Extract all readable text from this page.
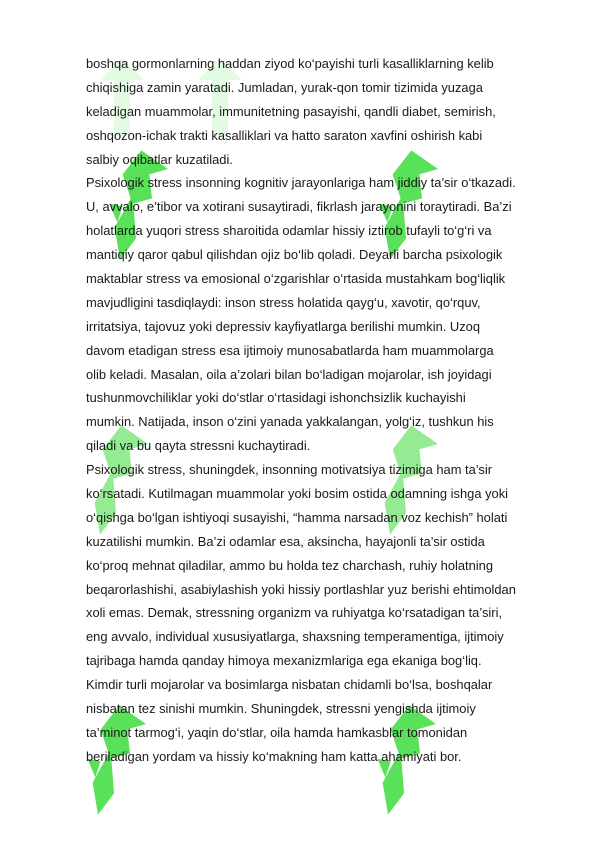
boshqa gormonlarning haddan ziyod ko‘payishi turli kasalliklarning kelib
chiqishiga zamin yaratadi. Jumladan, yurak-qon tomir tizimida yuzaga
keladigan muammolar, immunitetning pasayishi, qandli diabet, semirish,
oshqozon-ichak trakti kasalliklari va hatto saraton xavfini oshirish kabi
salbiy oqibatlar kuzatiladi.
Psixologik stress insonning kognitiv jarayonlariga ham jiddiy ta’sir o‘tkazadi.
U, avvalo, e’tibor va xotirani susaytiradi, fikrlash jarayonini toraytiradi. Ba’zi
holatlarda yuqori stress sharoitida odamlar hissiy iztirob tufayli to‘g‘ri va
mantiqiy qaror qabul qilishdan ojiz bo‘lib qoladi. Deyarli barcha psixologik
maktablar stress va emosional o‘zgarishlar o‘rtasida mustahkam bog‘liqlik
mavjudligini tasdiqlaydi: inson stress holatida qayg‘u, xavotir, qo‘rquv,
irritatsiya, tajovuz yoki depressiv kayfiyatlarga berilishi mumkin. Uzoq
davom etadigan stress esa ijtimoiy munosabatlarda ham muammolarga
olib keladi. Masalan, oila a’zolari bilan bo‘ladigan mojarolar, ish joyidagi
tushunmovchiliklar yoki do‘stlar o‘rtasidagi ishonchsizlik kuchayishi
mumkin. Natijada, inson o‘zini yanada yakkalangan, yolg‘iz, tushkun his
qiladi va bu qayta stressni kuchaytiradi.
Psixologik stress, shuningdek, insonning motivatsiya tizimiga ham ta’sir
ko‘rsatadi. Kutilmagan muammolar yoki bosim ostida odamning ishga yoki
o‘qishga bo‘lgan ishtiyoqi susayishi, “hamma narsadan voz kechish” holati
kuzatilishi mumkin. Ba’zi odamlar esa, aksincha, hayajonli ta’sir ostida
ko‘proq mehnat qiladilar, ammo bu holda tez charchash, ruhiy holatning
beqarorlashishi, asabiylashish yoki hissiy portlashlar yuz berishi ehtimoldan
xoli emas. Demak, stressning organizm va ruhiyatga ko‘rsatadigan ta’siri,
eng avvalo, individual xususiyatlarga, shaxsning temperamentiga, ijtimoiy
tajribaga hamda qanday himoya mexanizmlariga ega ekaniga bog‘liq.
Kimdir turli mojarolar va bosimlarga nisbatan chidamli bo‘lsa, boshqalar
nisbatan tez sinishi mumkin. Shuningdek, stressni yengishda ijtimoiy
ta’minot tarmog‘i, yaqin do‘stlar, oila hamda hamkasblar tomonidan
beriladigan yordam va hissiy ko‘makning ham katta ahamiyati bor.
